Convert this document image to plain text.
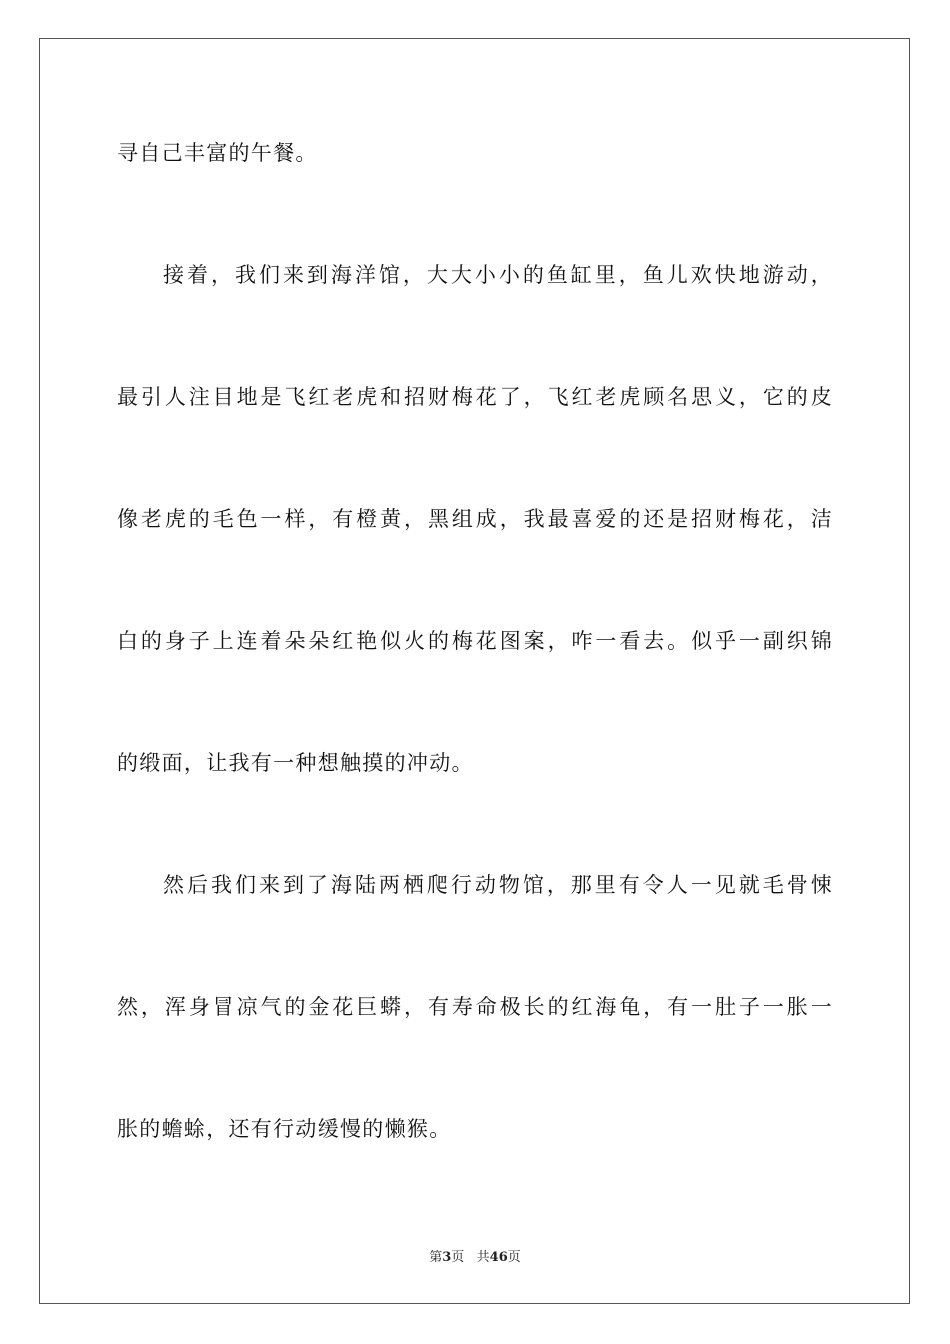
寻自己丰富的午餐。
接着，我们来到海洋馆，大大小小的鱼缸里，鱼儿欢快地游动，
最引人注目地是飞红老虎和招财梅花了，飞红老虎顾名思义，它的皮
像老虎的毛色一样，有橙黄，黑组成，我最喜爱的还是招财梅花，洁
白的身子上连着朵朵红艳似火的梅花图案，咋一看去。似乎一副织锦
的缎面，让我有一种想触摸的冲动。
然后我们来到了海陆两栖爬行动物馆，那里有令人一见就毛骨悚
然，浑身冒凉气的金花巨蟒，有寿命极长的红海龟，有一肚子一胀一
胀的蟾蜍，还有行动缓慢的懒猴。
第3页   共46页
